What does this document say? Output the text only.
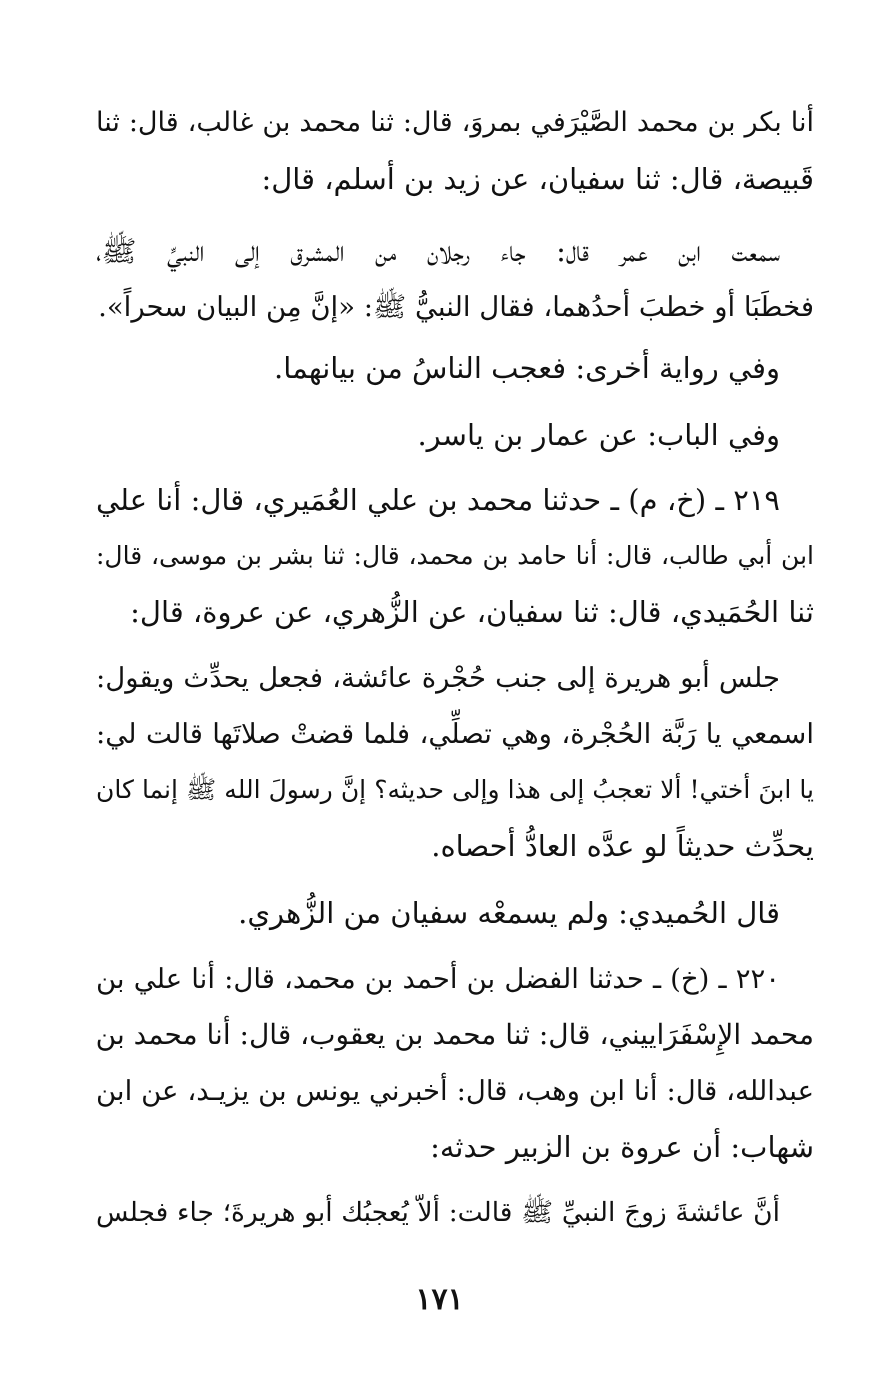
أنا بكر بن محمد الصَّيْرَفي بمروَ، قال: ثنا محمد بن غالب، قال: ثنا
قَبيصة، قال: ثنا سفيان، عن زيد بن أسلم، قال:

سمعت ابن عمر قال: جاء رجلان من المشرق إلى النبيِّ ﷺ،
فخطَبَا أو خطبَ أحدُهما، فقال النبيُّ ﷺ: «إنَّ مِن البيان سحراً».

وفي رواية أخرى: فعجب الناسُ من بيانهما.

وفي الباب: عن عمار بن ياسر.

٢١٩ ـ (خ، م) ـ حدثنا محمد بن علي العُمَيري، قال: أنا علي
ابن أبي طالب، قال: أنا حامد بن محمد، قال: ثنا بشر بن موسى، قال:
ثنا الحُمَيدي، قال: ثنا سفيان، عن الزُّهري، عن عروة، قال:

جلس أبو هريرة إلى جنب حُجْرة عائشة، فجعل يحدِّث ويقول:
اسمعي يا رَبَّة الحُجْرة، وهي تصلِّي، فلما قضتْ صلاتَها قالت لي:
يا ابنَ أختي! ألا تعجبُ إلى هذا وإلى حديثه؟ إنَّ رسولَ الله ﷺ إنما كان
يحدِّث حديثاً لو عدَّه العادُّ أحصاه.

قال الحُميدي: ولم يسمعْه سفيان من الزُّهري.

٢٢٠ ـ (خ) ـ حدثنا الفضل بن أحمد بن محمد، قال: أنا علي بن
محمد الإِسْفَرَاييني، قال: ثنا محمد بن يعقوب، قال: أنا محمد بن
عبدالله، قال: أنا ابن وهب، قال: أخبرني يونس بن يزيـد، عن ابن
شهاب: أن عروة بن الزبير حدثه:

أنَّ عائشةَ زوجَ النبيِّ ﷺ قالت: ألاّ يُعجبُك أبو هريرةَ؛ جاء فجلس

١٧١
